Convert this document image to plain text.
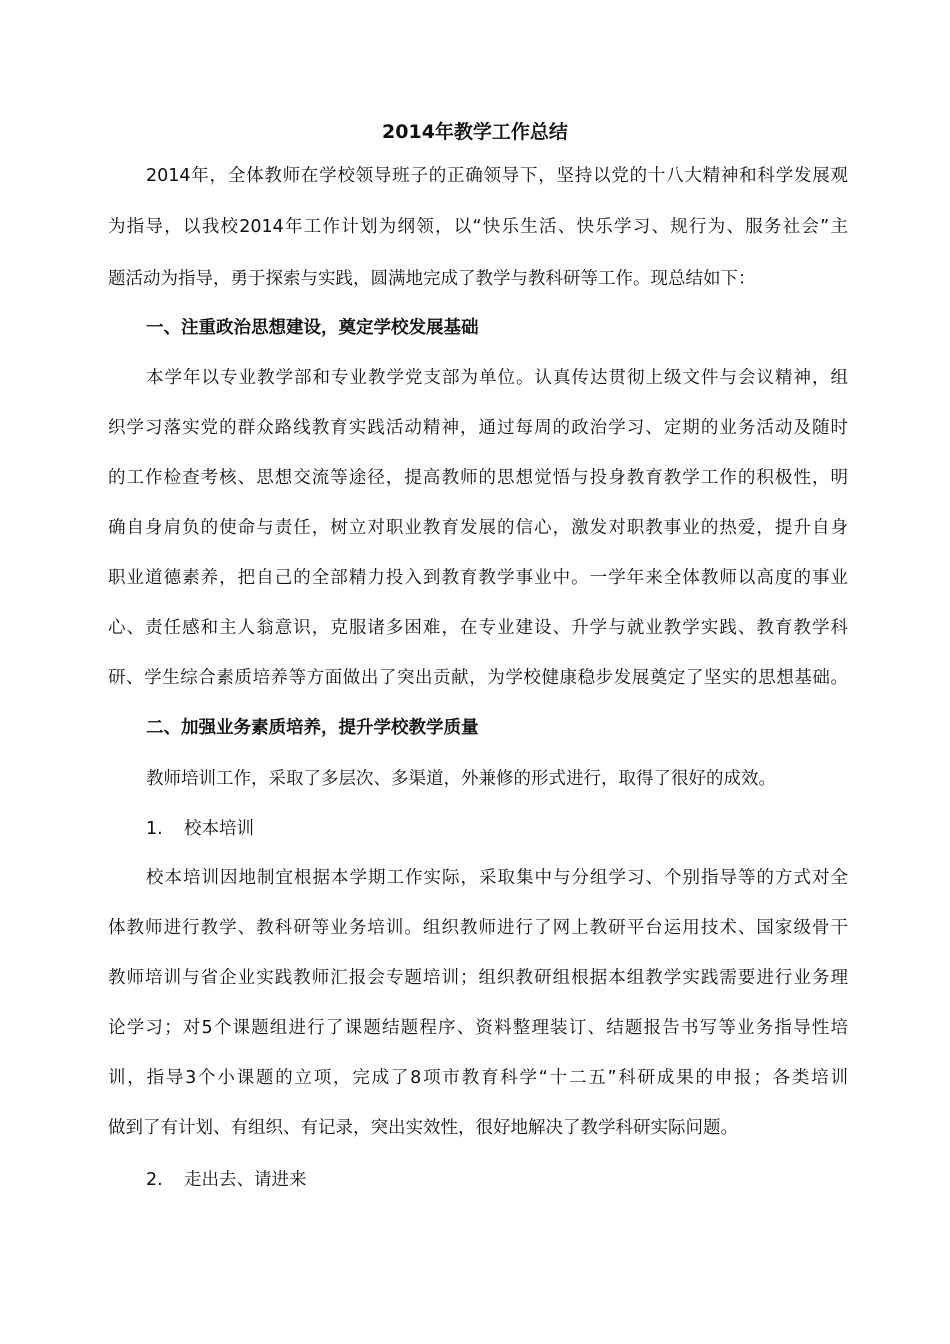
2014年教学工作总结
2014年，全体教师在学校领导班子的正确领导下，坚持以党的十八大精神和科学发展观
为指导，以我校2014年工作计划为纲领，以“快乐生活、快乐学习、规行为、服务社会”主
题活动为指导，勇于探索与实践，圆满地完成了教学与教科研等工作。现总结如下：
一、注重政治思想建设，奠定学校发展基础
本学年以专业教学部和专业教学党支部为单位。认真传达贯彻上级文件与会议精神，组
织学习落实党的群众路线教育实践活动精神，通过每周的政治学习、定期的业务活动及随时
的工作检查考核、思想交流等途径，提高教师的思想觉悟与投身教育教学工作的积极性，明
确自身肩负的使命与责任，树立对职业教育发展的信心，激发对职教事业的热爱，提升自身
职业道德素养，把自己的全部精力投入到教育教学事业中。一学年来全体教师以高度的事业
心、责任感和主人翁意识，克服诸多困难，在专业建设、升学与就业教学实践、教育教学科
研、学生综合素质培养等方面做出了突出贡献，为学校健康稳步发展奠定了坚实的思想基础。
二、加强业务素质培养，提升学校教学质量
教师培训工作，采取了多层次、多渠道，外兼修的形式进行，取得了很好的成效。
1. 校本培训
校本培训因地制宜根据本学期工作实际，采取集中与分组学习、个别指导等的方式对全
体教师进行教学、教科研等业务培训。组织教师进行了网上教研平台运用技术、国家级骨干
教师培训与省企业实践教师汇报会专题培训；组织教研组根据本组教学实践需要进行业务理
论学习；对5个课题组进行了课题结题程序、资料整理装订、结题报告书写等业务指导性培
训，指导3个小课题的立项，完成了8项市教育科学“十二五”科研成果的申报；各类培训
做到了有计划、有组织、有记录，突出实效性，很好地解决了教学科研实际问题。
2. 走出去、请进来
